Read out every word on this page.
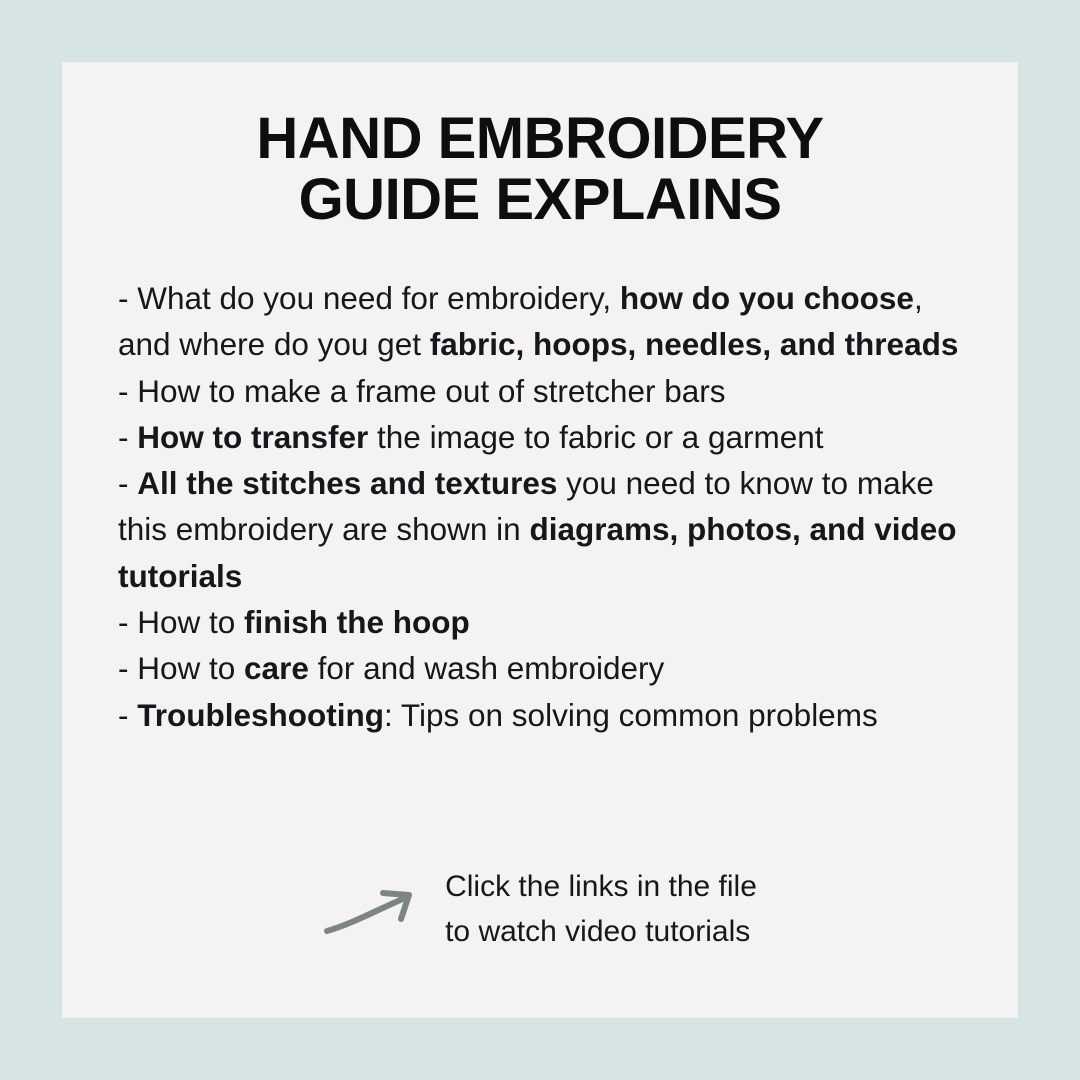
HAND EMBROIDERY
GUIDE EXPLAINS

- What do you need for embroidery, how do you choose, and where do you get fabric, hoops, needles, and threads

- How to make a frame out of stretcher bars

- How to transfer the image to fabric or a garment

- All the stitches and textures you need to know to make this embroidery are shown in diagrams, photos, and video tutorials

- How to finish the hoop

- How to care for and wash embroidery

- Troubleshooting: Tips on solving common problems

Click the links in the file
to watch video tutorials
